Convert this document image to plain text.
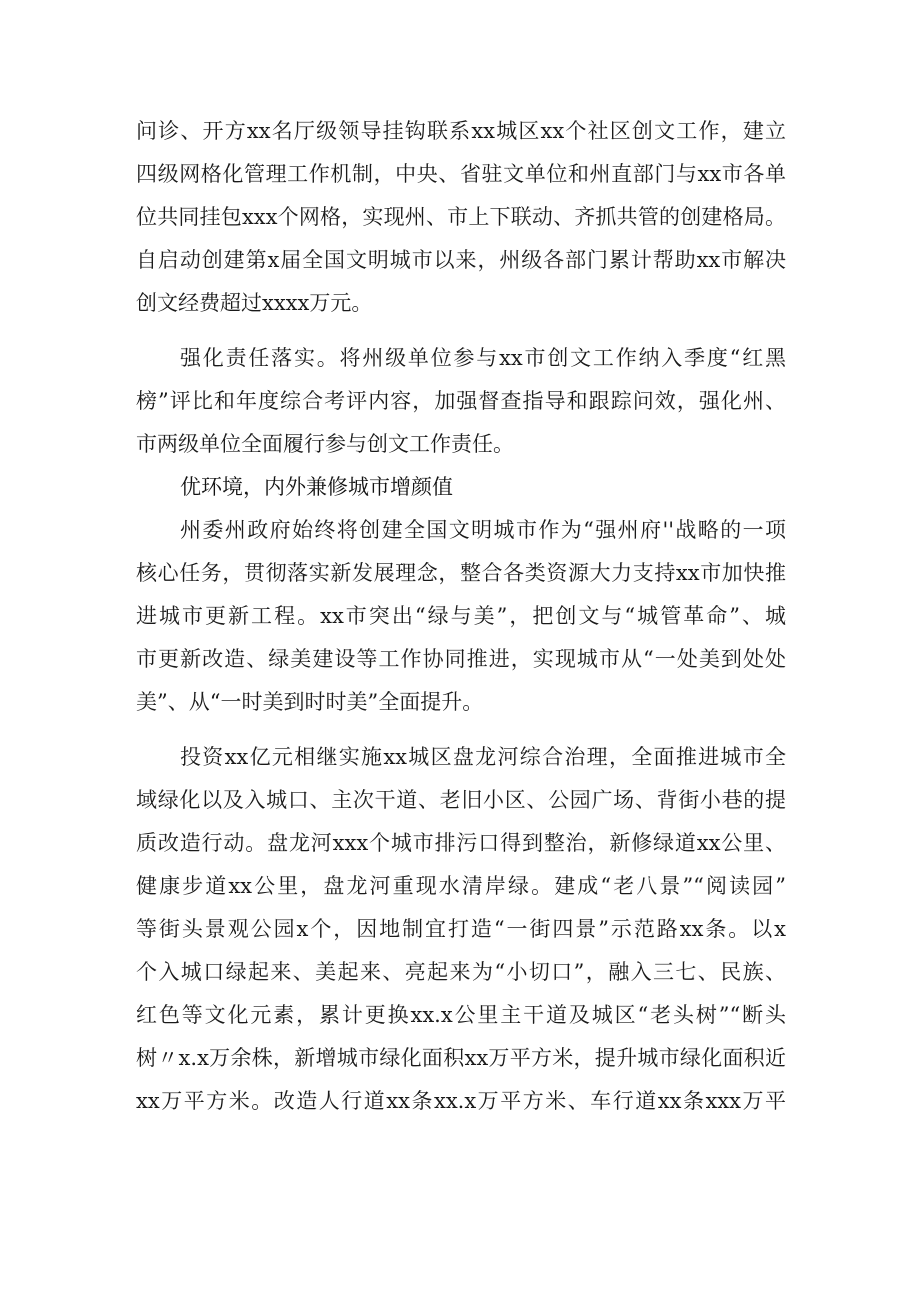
问诊、开方xx名厅级领导挂钩联系xx城区xx个社区创文工作，建立
四级网格化管理工作机制，中央、省驻文单位和州直部门与xx市各单
位共同挂包xxx个网格，实现州、市上下联动、齐抓共管的创建格局。
自启动创建第x届全国文明城市以来，州级各部门累计帮助xx市解决
创文经费超过xxxx万元。
强化责任落实。将州级单位参与xx市创文工作纳入季度“红黑
榜”评比和年度综合考评内容，加强督查指导和跟踪问效，强化州、
市两级单位全面履行参与创文工作责任。
优环境，内外兼修城市增颜值
州委州政府始终将创建全国文明城市作为“强州府''战略的一项
核心任务，贯彻落实新发展理念，整合各类资源大力支持xx市加快推
进城市更新工程。xx市突出“绿与美”，把创文与“城管革命”、城
市更新改造、绿美建设等工作协同推进，实现城市从“一处美到处处
美”、从“一时美到时时美”全面提升。
投资xx亿元相继实施xx城区盘龙河综合治理，全面推进城市全
域绿化以及入城口、主次干道、老旧小区、公园广场、背街小巷的提
质改造行动。盘龙河xxx个城市排污口得到整治，新修绿道xx公里、
健康步道xx公里，盘龙河重现水清岸绿。建成“老八景”“阅读园”
等街头景观公园x个，因地制宜打造“一街四景”示范路xx条。以x
个入城口绿起来、美起来、亮起来为“小切口”，融入三七、民族、
红色等文化元素，累计更换xx.x公里主干道及城区“老头树”“断头
树〃x.x万余株，新增城市绿化面积xx万平方米，提升城市绿化面积近
xx万平方米。改造人行道xx条xx.x万平方米、车行道xx条xxx万平
